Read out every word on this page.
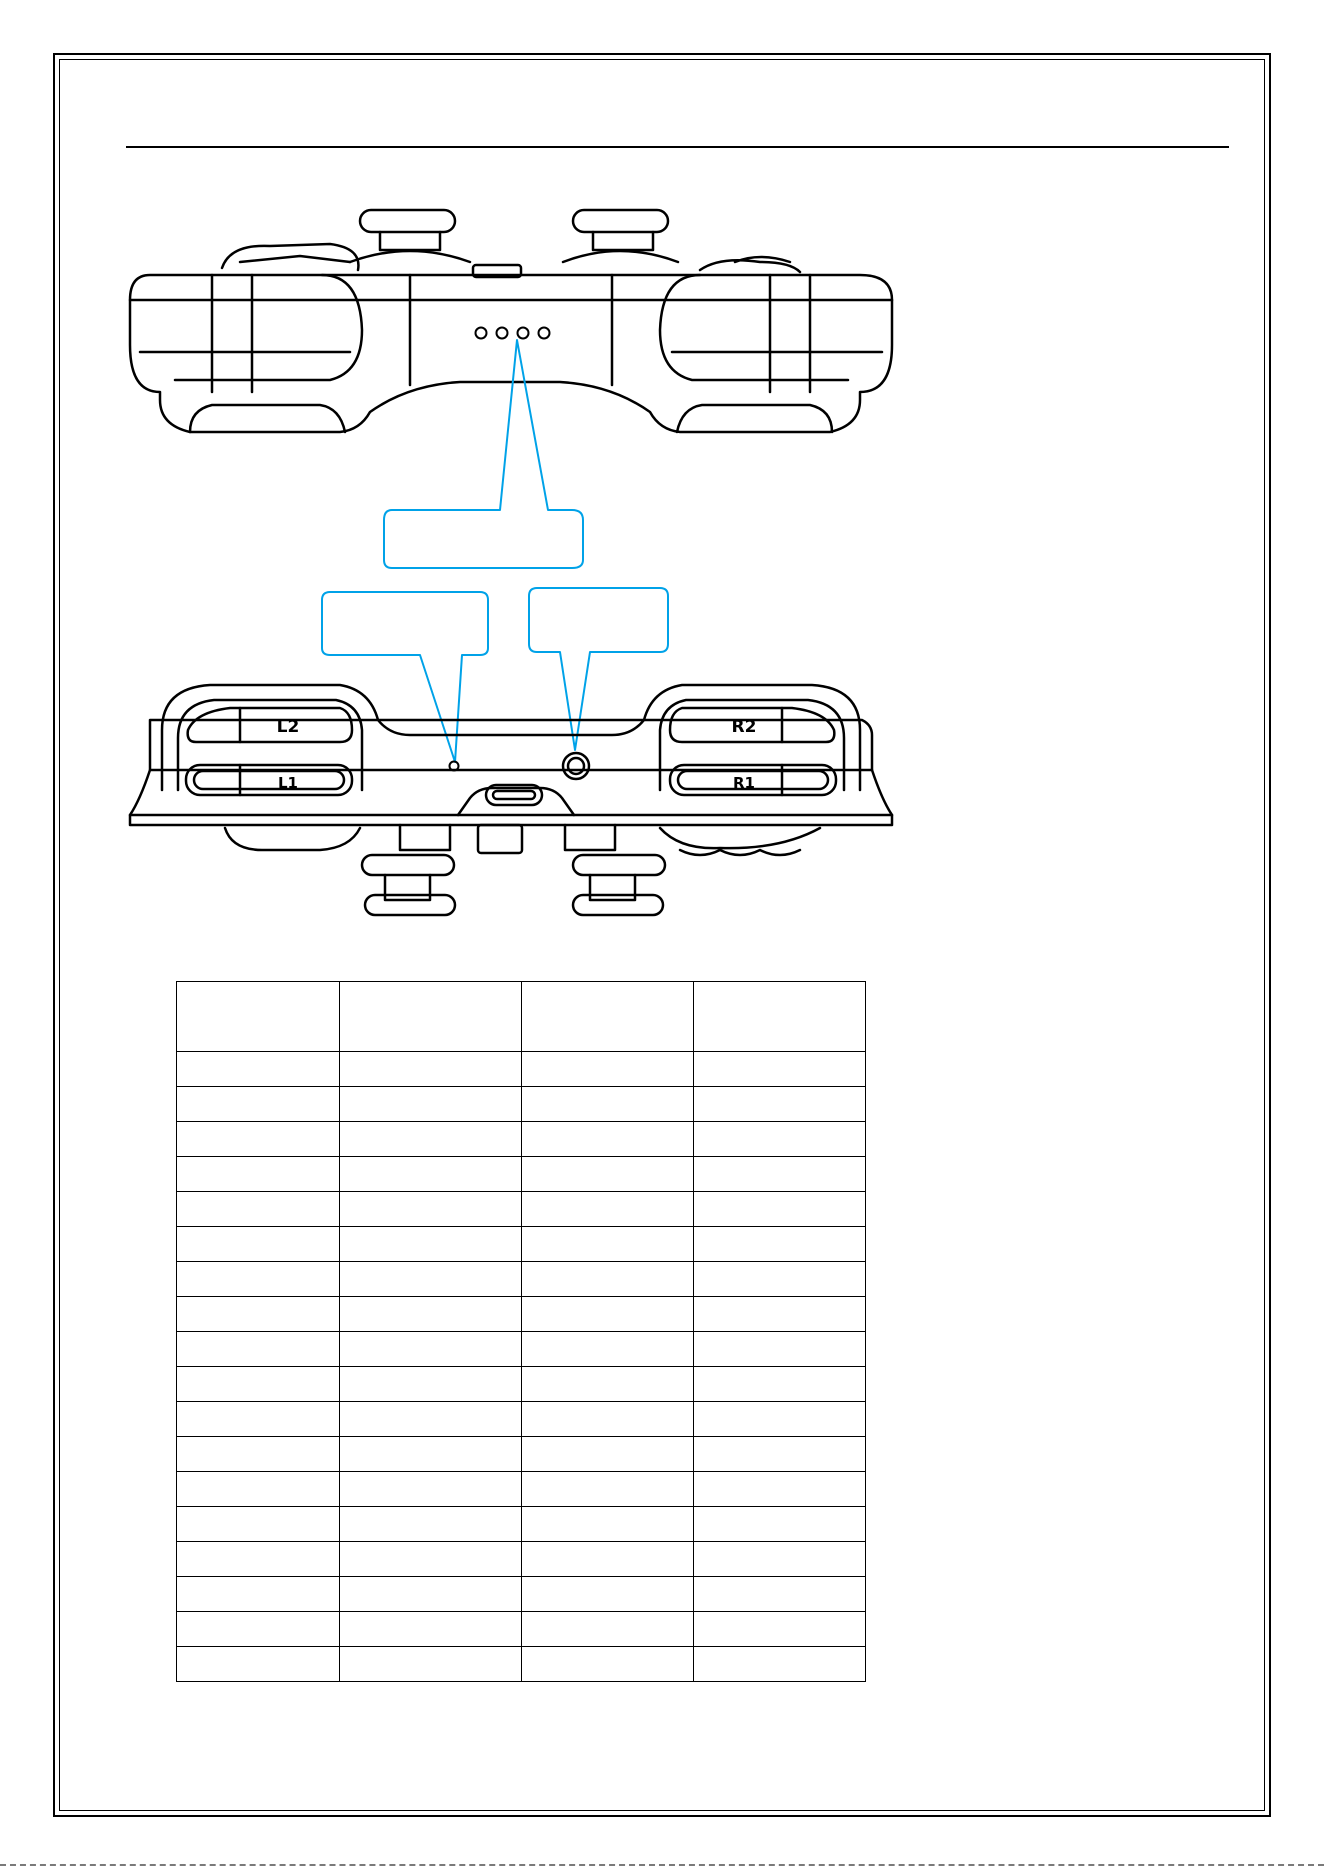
L2
L1
R2
R1
